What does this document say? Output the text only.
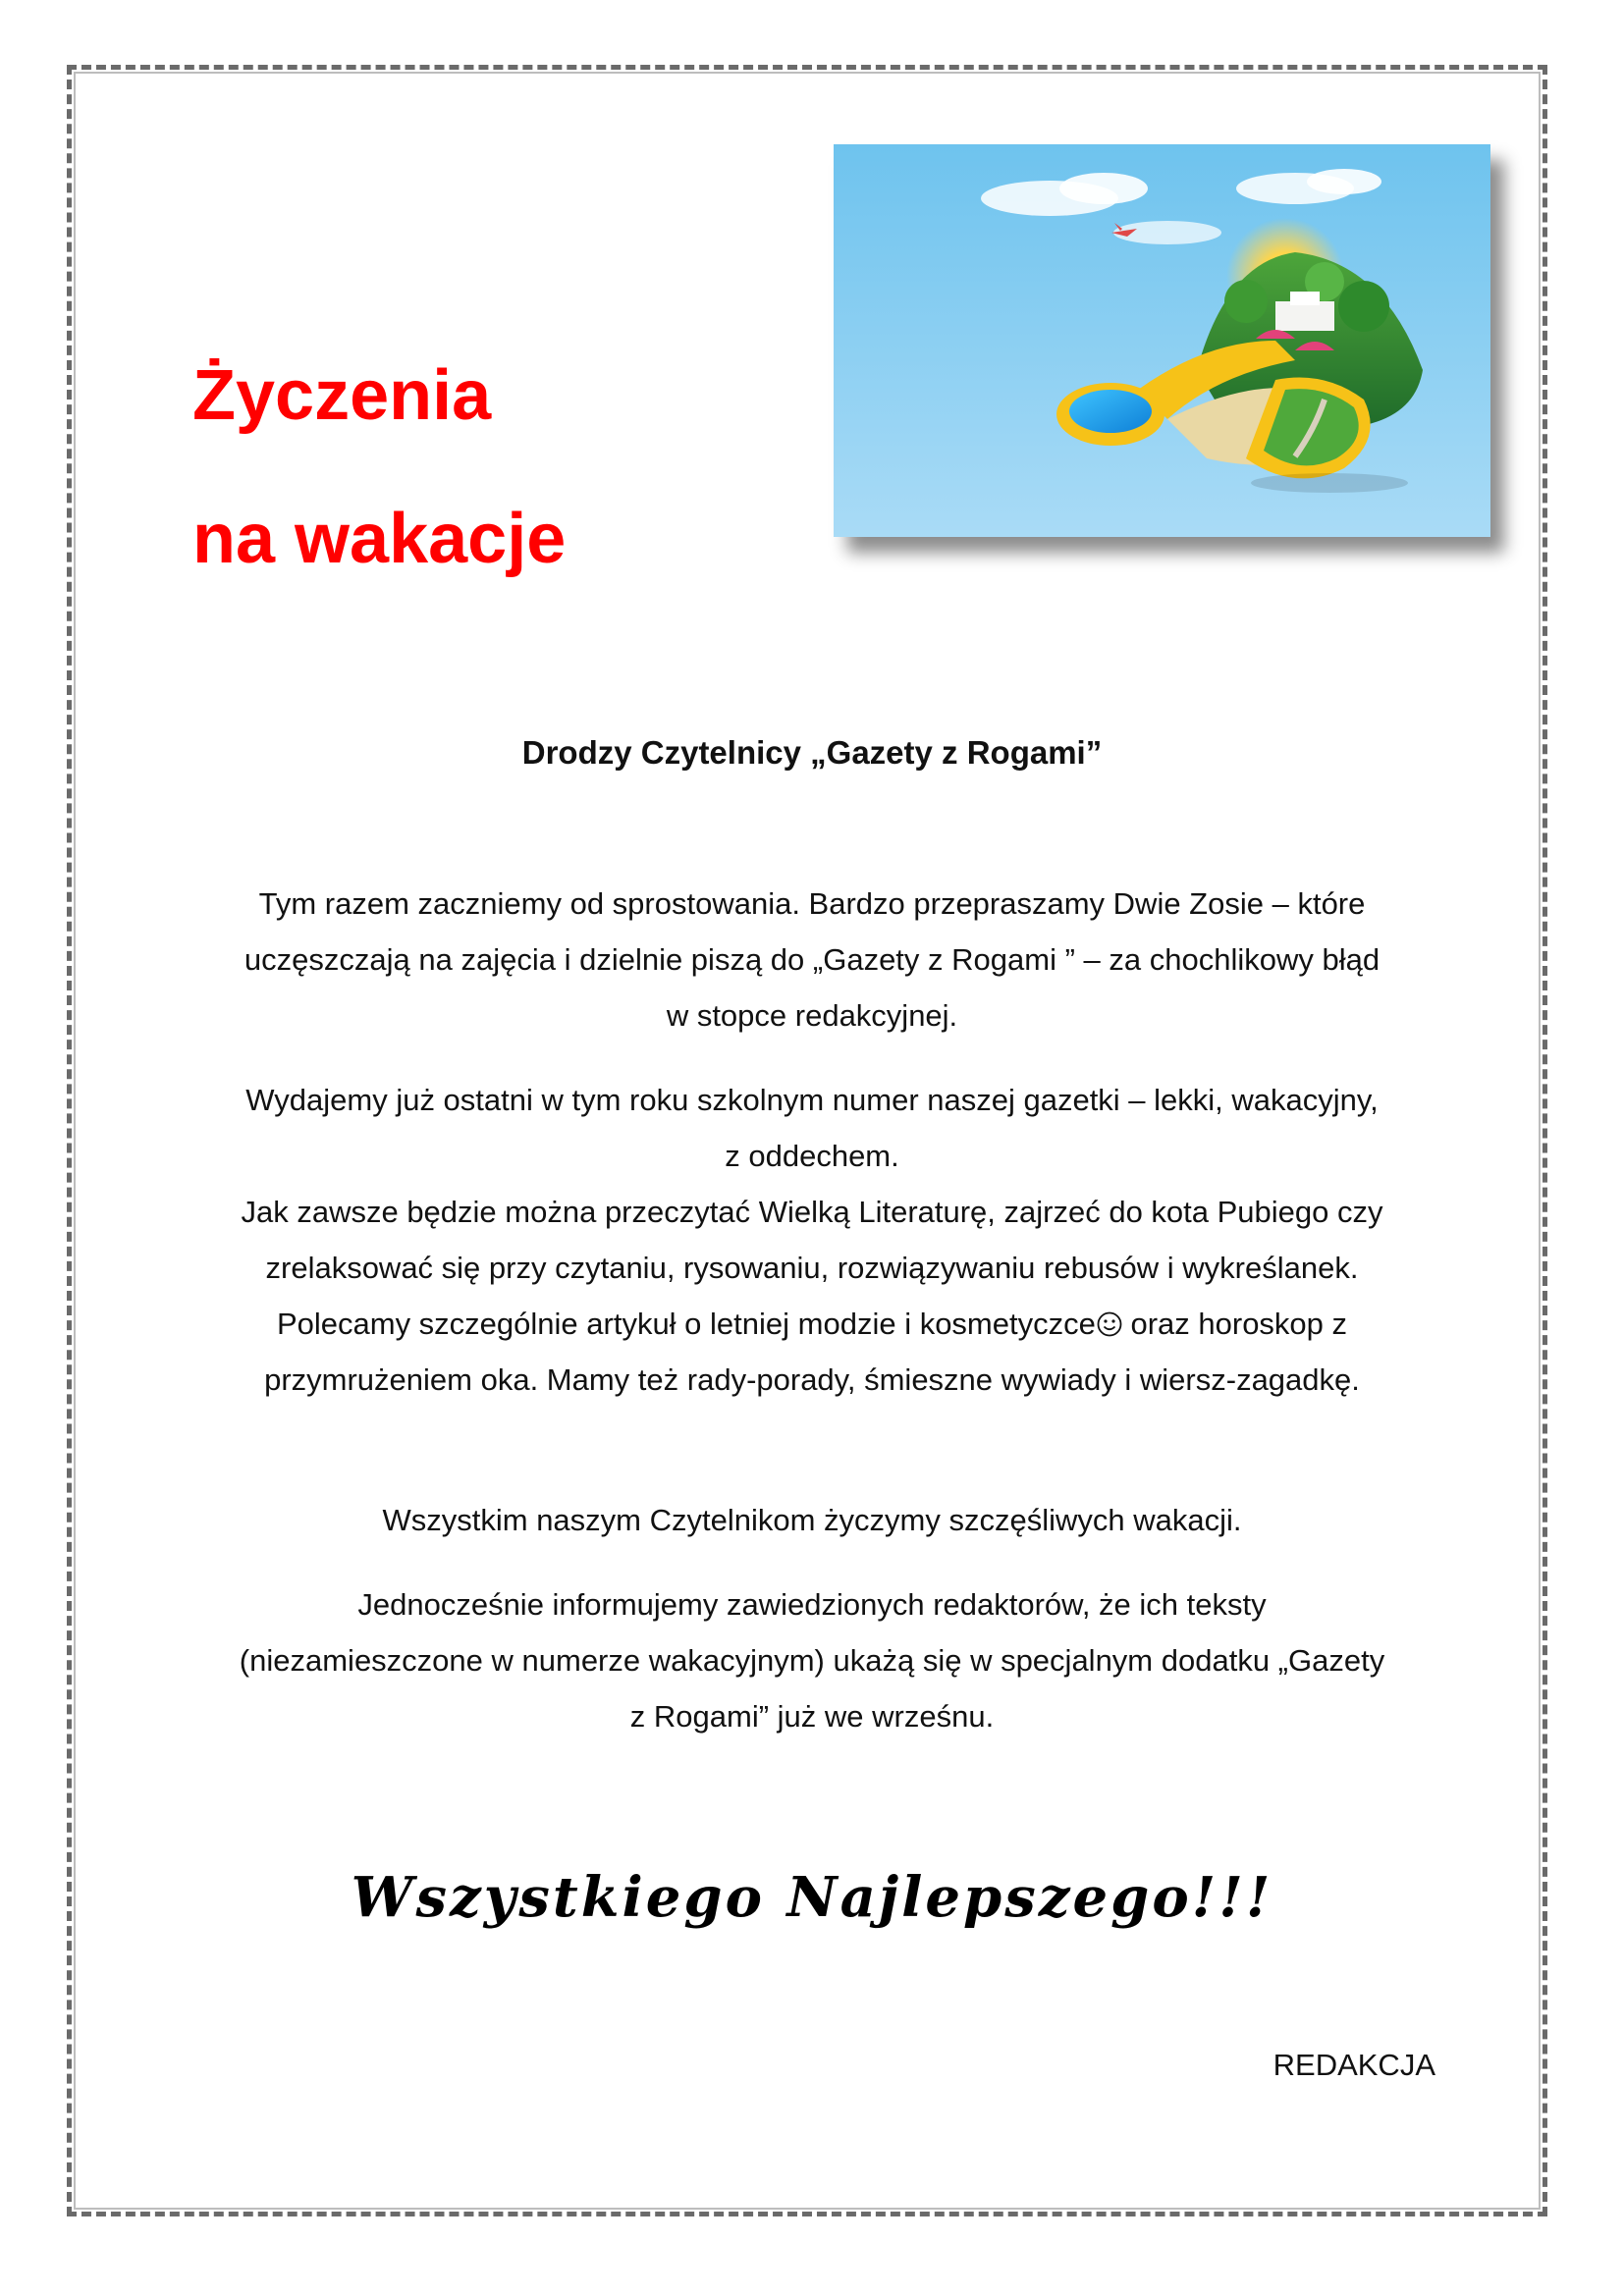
Życzenia
na wakacje
Drodzy Czytelnicy „Gazety z Rogami”

Tym razem zaczniemy od sprostowania. Bardzo przepraszamy Dwie Zosie – które
uczęszczają na zajęcia i dzielnie piszą do „Gazety z Rogami ” – za chochlikowy błąd
w stopce redakcyjnej.

Wydajemy już ostatni w tym roku szkolnym numer naszej gazetki – lekki, wakacyjny,
z oddechem.
Jak zawsze będzie można przeczytać Wielką Literaturę, zajrzeć do kota Pubiego czy
zrelaksować się przy czytaniu, rysowaniu, rozwiązywaniu rebusów i wykreślanek.
Polecamy szczególnie artykuł o letniej modzie i kosmetyczce oraz horoskop z
przymrużeniem oka. Mamy też rady-porady, śmieszne wywiady i wiersz-zagadkę.

Wszystkim naszym Czytelnikom życzymy szczęśliwych wakacji.

Jednocześnie informujemy zawiedzionych redaktorów, że ich teksty
(niezamieszczone w numerze wakacyjnym) ukażą się w specjalnym dodatku „Gazety
z Rogami” już we wrześnu.

Wszystkiego Najlepszego!!!

REDAKCJA
